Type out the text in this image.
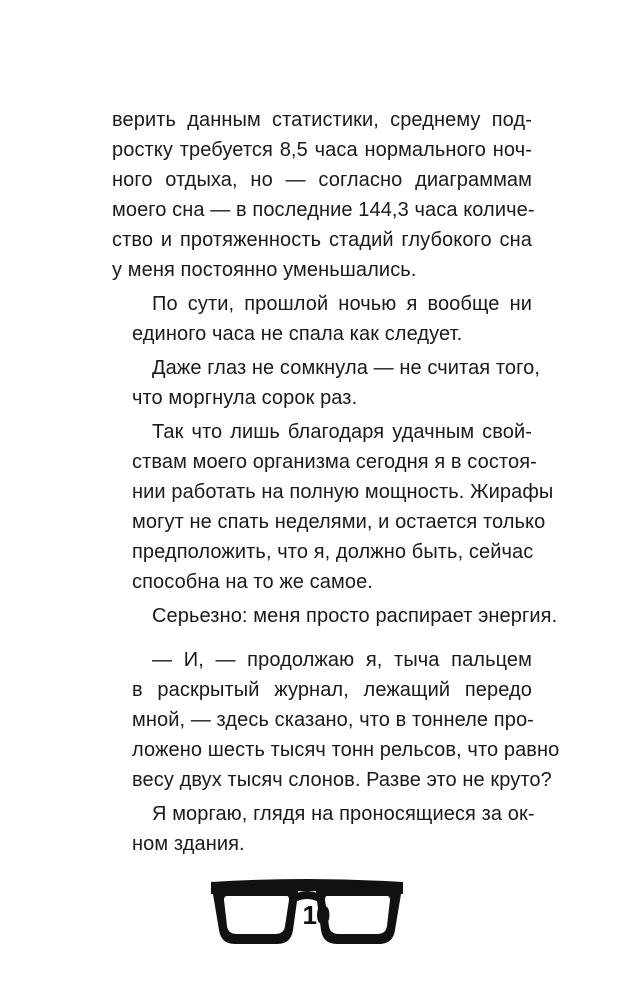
верить данным статистики, среднему под-
ростку требуется 8,5 часа нормального ноч-
ного отдыха, но — согласно диаграммам
моего сна — в последние 144,3 часа количе-
ство и протяженность стадий глубокого сна
у меня постоянно уменьшались.
По сути, прошлой ночью я вообще ни
единого часа не спала как следует.
Даже глаз не сомкнула — не считая того,
что моргнула сорок раз.
Так что лишь благодаря удачным свой-
ствам моего организма сегодня я в состоя-
нии работать на полную мощность. Жирафы
могут не спать неделями, и остается только
предположить, что я, должно быть, сейчас
способна на то же самое.
Серьезно: меня просто распирает энергия.
— И, — продолжаю я, тыча пальцем
в раскрытый журнал, лежащий передо
мной, — здесь сказано, что в тоннеле про-
ложено шесть тысяч тонн рельсов, что равно
весу двух тысяч слонов. Разве это не круто?
Я моргаю, глядя на проносящиеся за ок-
ном здания.
10
